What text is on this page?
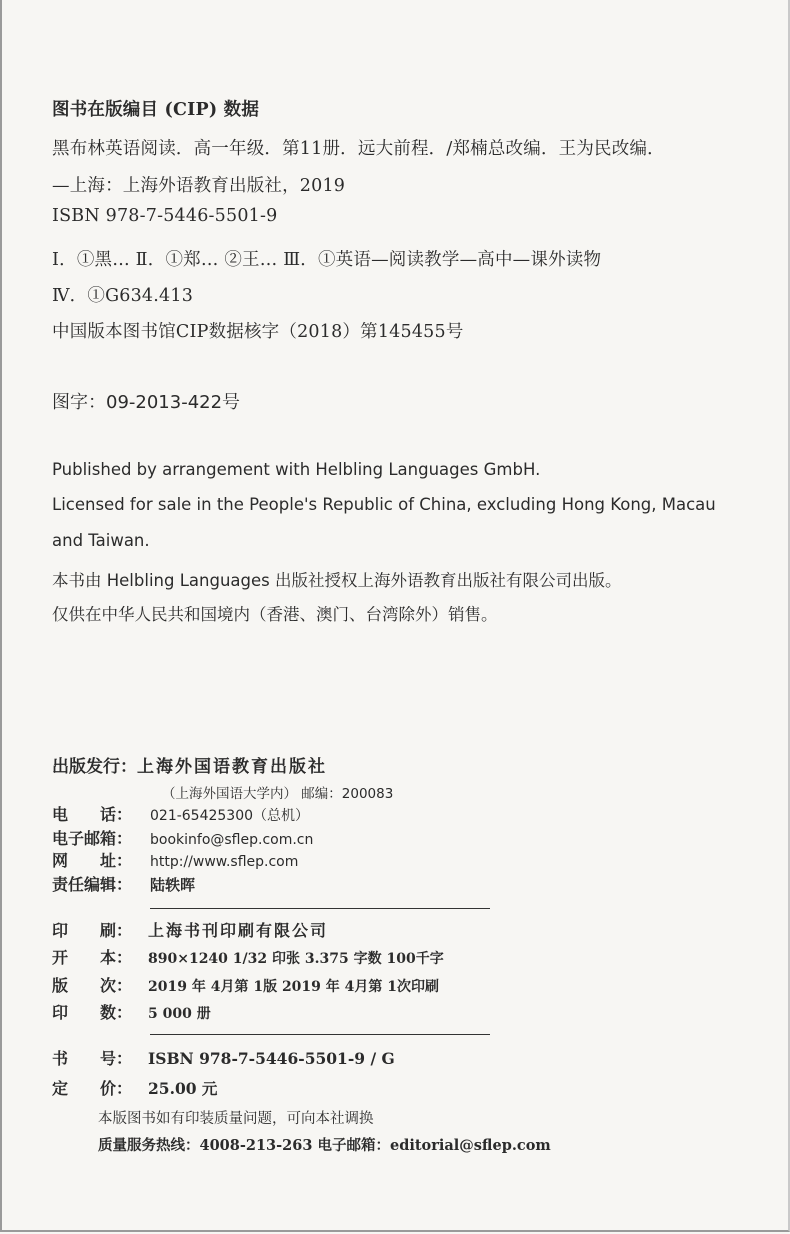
图书在版编目 (CIP) 数据
黑布林英语阅读．高一年级．第11册．远大前程．/郑楠总改编．王为民改编．
—上海：上海外语教育出版社，2019
ISBN 978-7-5446-5501-9
Ⅰ．①黑… Ⅱ．①郑… ②王… Ⅲ．①英语—阅读教学—高中—课外读物
Ⅳ．①G634.413
中国版本图书馆CIP数据核字（2018）第145455号
图字：09-2013-422号
Published by arrangement with Helbling Languages GmbH.
Licensed for sale in the People's Republic of China, excluding Hong Kong, Macau
and Taiwan.
本书由 Helbling Languages 出版社授权上海外语教育出版社有限公司出版。
仅供在中华人民共和国境内（香港、澳门、台湾除外）销售。
出版发行：上海外国语教育出版社
（上海外国语大学内） 邮编：200083
电　　话： 021-65425300（总机）
电子邮箱： bookinfo@sflep.com.cn
网　　址： http://www.sflep.com
责任编辑： 陆轶晖
印　　刷： 上海书刊印刷有限公司
开　　本： 890×1240 1/32 印张 3.375 字数 100千字
版　　次： 2019 年 4月第 1版 2019 年 4月第 1次印刷
印　　数： 5 000 册
书　　号： ISBN 978-7-5446-5501-9 / G
定　　价： 25.00 元
本版图书如有印装质量问题，可向本社调换
质量服务热线：4008-213-263 电子邮箱：editorial@sflep.com
